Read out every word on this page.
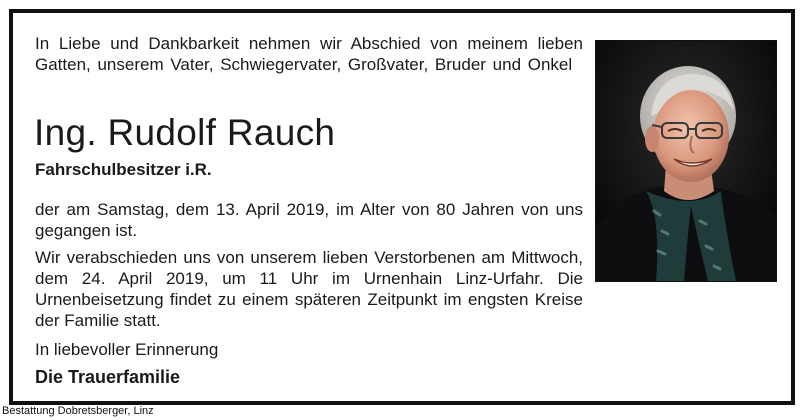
In Liebe und Dankbarkeit nehmen wir Abschied von meinem lieben Gatten, unserem Vater, Schwiegervater, Großvater, Bruder und Onkel
Ing. Rudolf Rauch
Fahrschulbesitzer i.R.
der am Samstag, dem 13. April 2019, im Alter von 80 Jahren von uns gegangen ist.
Wir verabschieden uns von unserem lieben Verstorbenen am Mittwoch, dem 24. April 2019, um 11 Uhr im Urnenhain Linz-Urfahr. Die Urnenbeisetzung findet zu einem späteren Zeitpunkt im engsten Kreise der Familie statt.
In liebevoller Erinnerung
Die Trauerfamilie
Bestattung Dobretsberger, Linz
